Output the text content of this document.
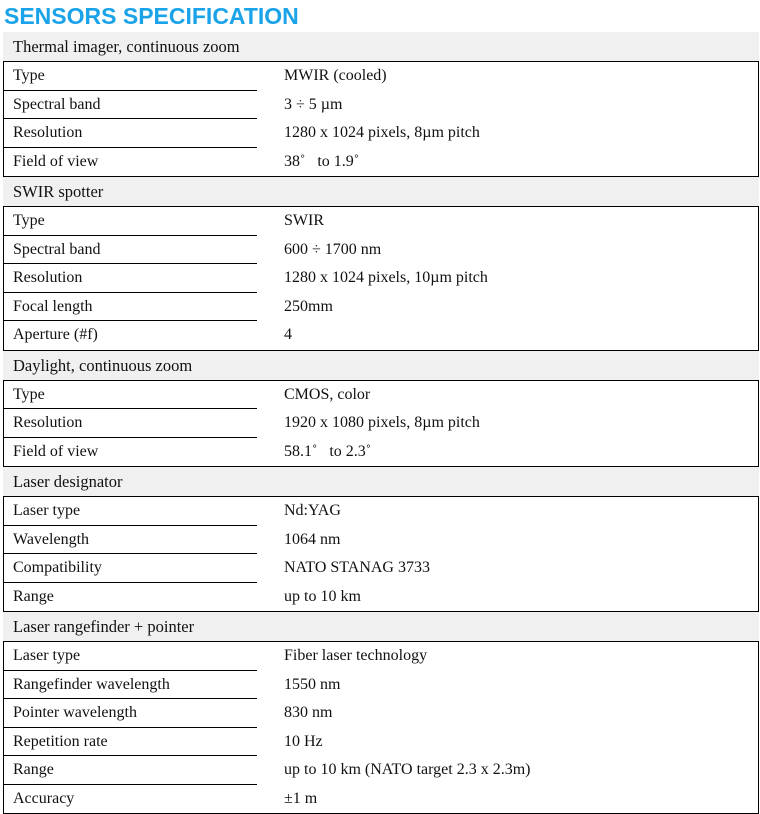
SENSORS SPECIFICATION
Thermal imager, continuous zoom
Type	MWIR (cooled)
Spectral band	3 ÷ 5 µm
Resolution	1280 x 1024 pixels, 8µm pitch
Field of view	38˚   to 1.9˚
SWIR spotter
Type	SWIR
Spectral band	600 ÷ 1700 nm
Resolution	1280 x 1024 pixels, 10µm pitch
Focal length	250mm
Aperture (#f)	4
Daylight, continuous zoom
Type	CMOS, color
Resolution	1920 x 1080 pixels, 8µm pitch
Field of view	58.1˚   to 2.3˚
Laser designator
Laser type	Nd:YAG
Wavelength	1064 nm
Compatibility	NATO STANAG 3733
Range	up to 10 km
Laser rangefinder + pointer
Laser type	Fiber laser technology
Rangefinder wavelength	1550 nm
Pointer wavelength	830 nm
Repetition rate	10 Hz
Range	up to 10 km (NATO target 2.3 x 2.3m)
Accuracy	±1 m
